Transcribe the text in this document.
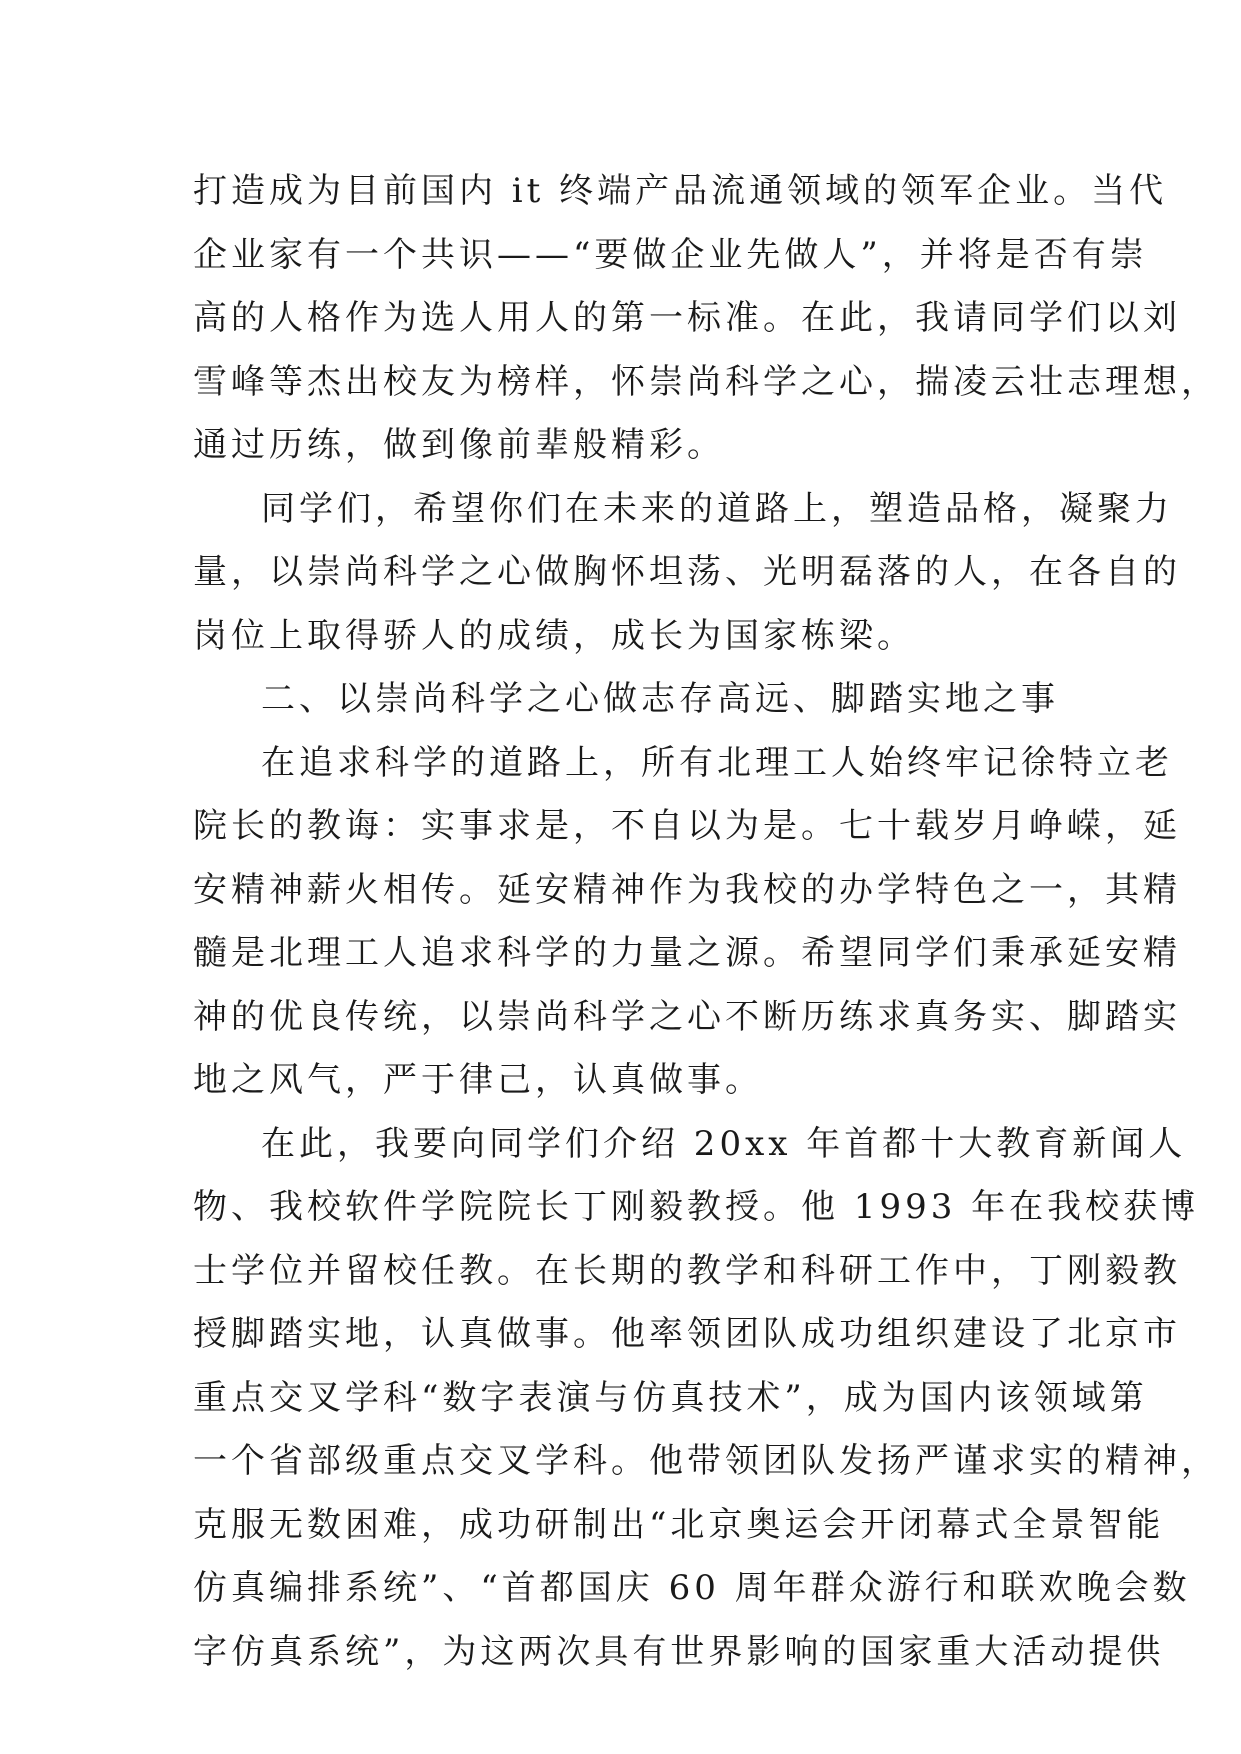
打造成为目前国内 it 终端产品流通领域的领军企业。当代
企业家有一个共识——“要做企业先做人”，并将是否有崇
高的人格作为选人用人的第一标准。在此，我请同学们以刘
雪峰等杰出校友为榜样，怀崇尚科学之心，揣凌云壮志理想，
通过历练，做到像前辈般精彩。
同学们，希望你们在未来的道路上，塑造品格，凝聚力
量，以崇尚科学之心做胸怀坦荡、光明磊落的人，在各自的
岗位上取得骄人的成绩，成长为国家栋梁。
二、以崇尚科学之心做志存高远、脚踏实地之事
在追求科学的道路上，所有北理工人始终牢记徐特立老
院长的教诲：实事求是，不自以为是。七十载岁月峥嵘，延
安精神薪火相传。延安精神作为我校的办学特色之一，其精
髓是北理工人追求科学的力量之源。希望同学们秉承延安精
神的优良传统，以崇尚科学之心不断历练求真务实、脚踏实
地之风气，严于律己，认真做事。
在此，我要向同学们介绍 20xx 年首都十大教育新闻人
物、我校软件学院院长丁刚毅教授。他 1993 年在我校获博
士学位并留校任教。在长期的教学和科研工作中，丁刚毅教
授脚踏实地，认真做事。他率领团队成功组织建设了北京市
重点交叉学科“数字表演与仿真技术”，成为国内该领域第
一个省部级重点交叉学科。他带领团队发扬严谨求实的精神，
克服无数困难，成功研制出“北京奥运会开闭幕式全景智能
仿真编排系统”、“首都国庆 60 周年群众游行和联欢晚会数
字仿真系统”，为这两次具有世界影响的国家重大活动提供
